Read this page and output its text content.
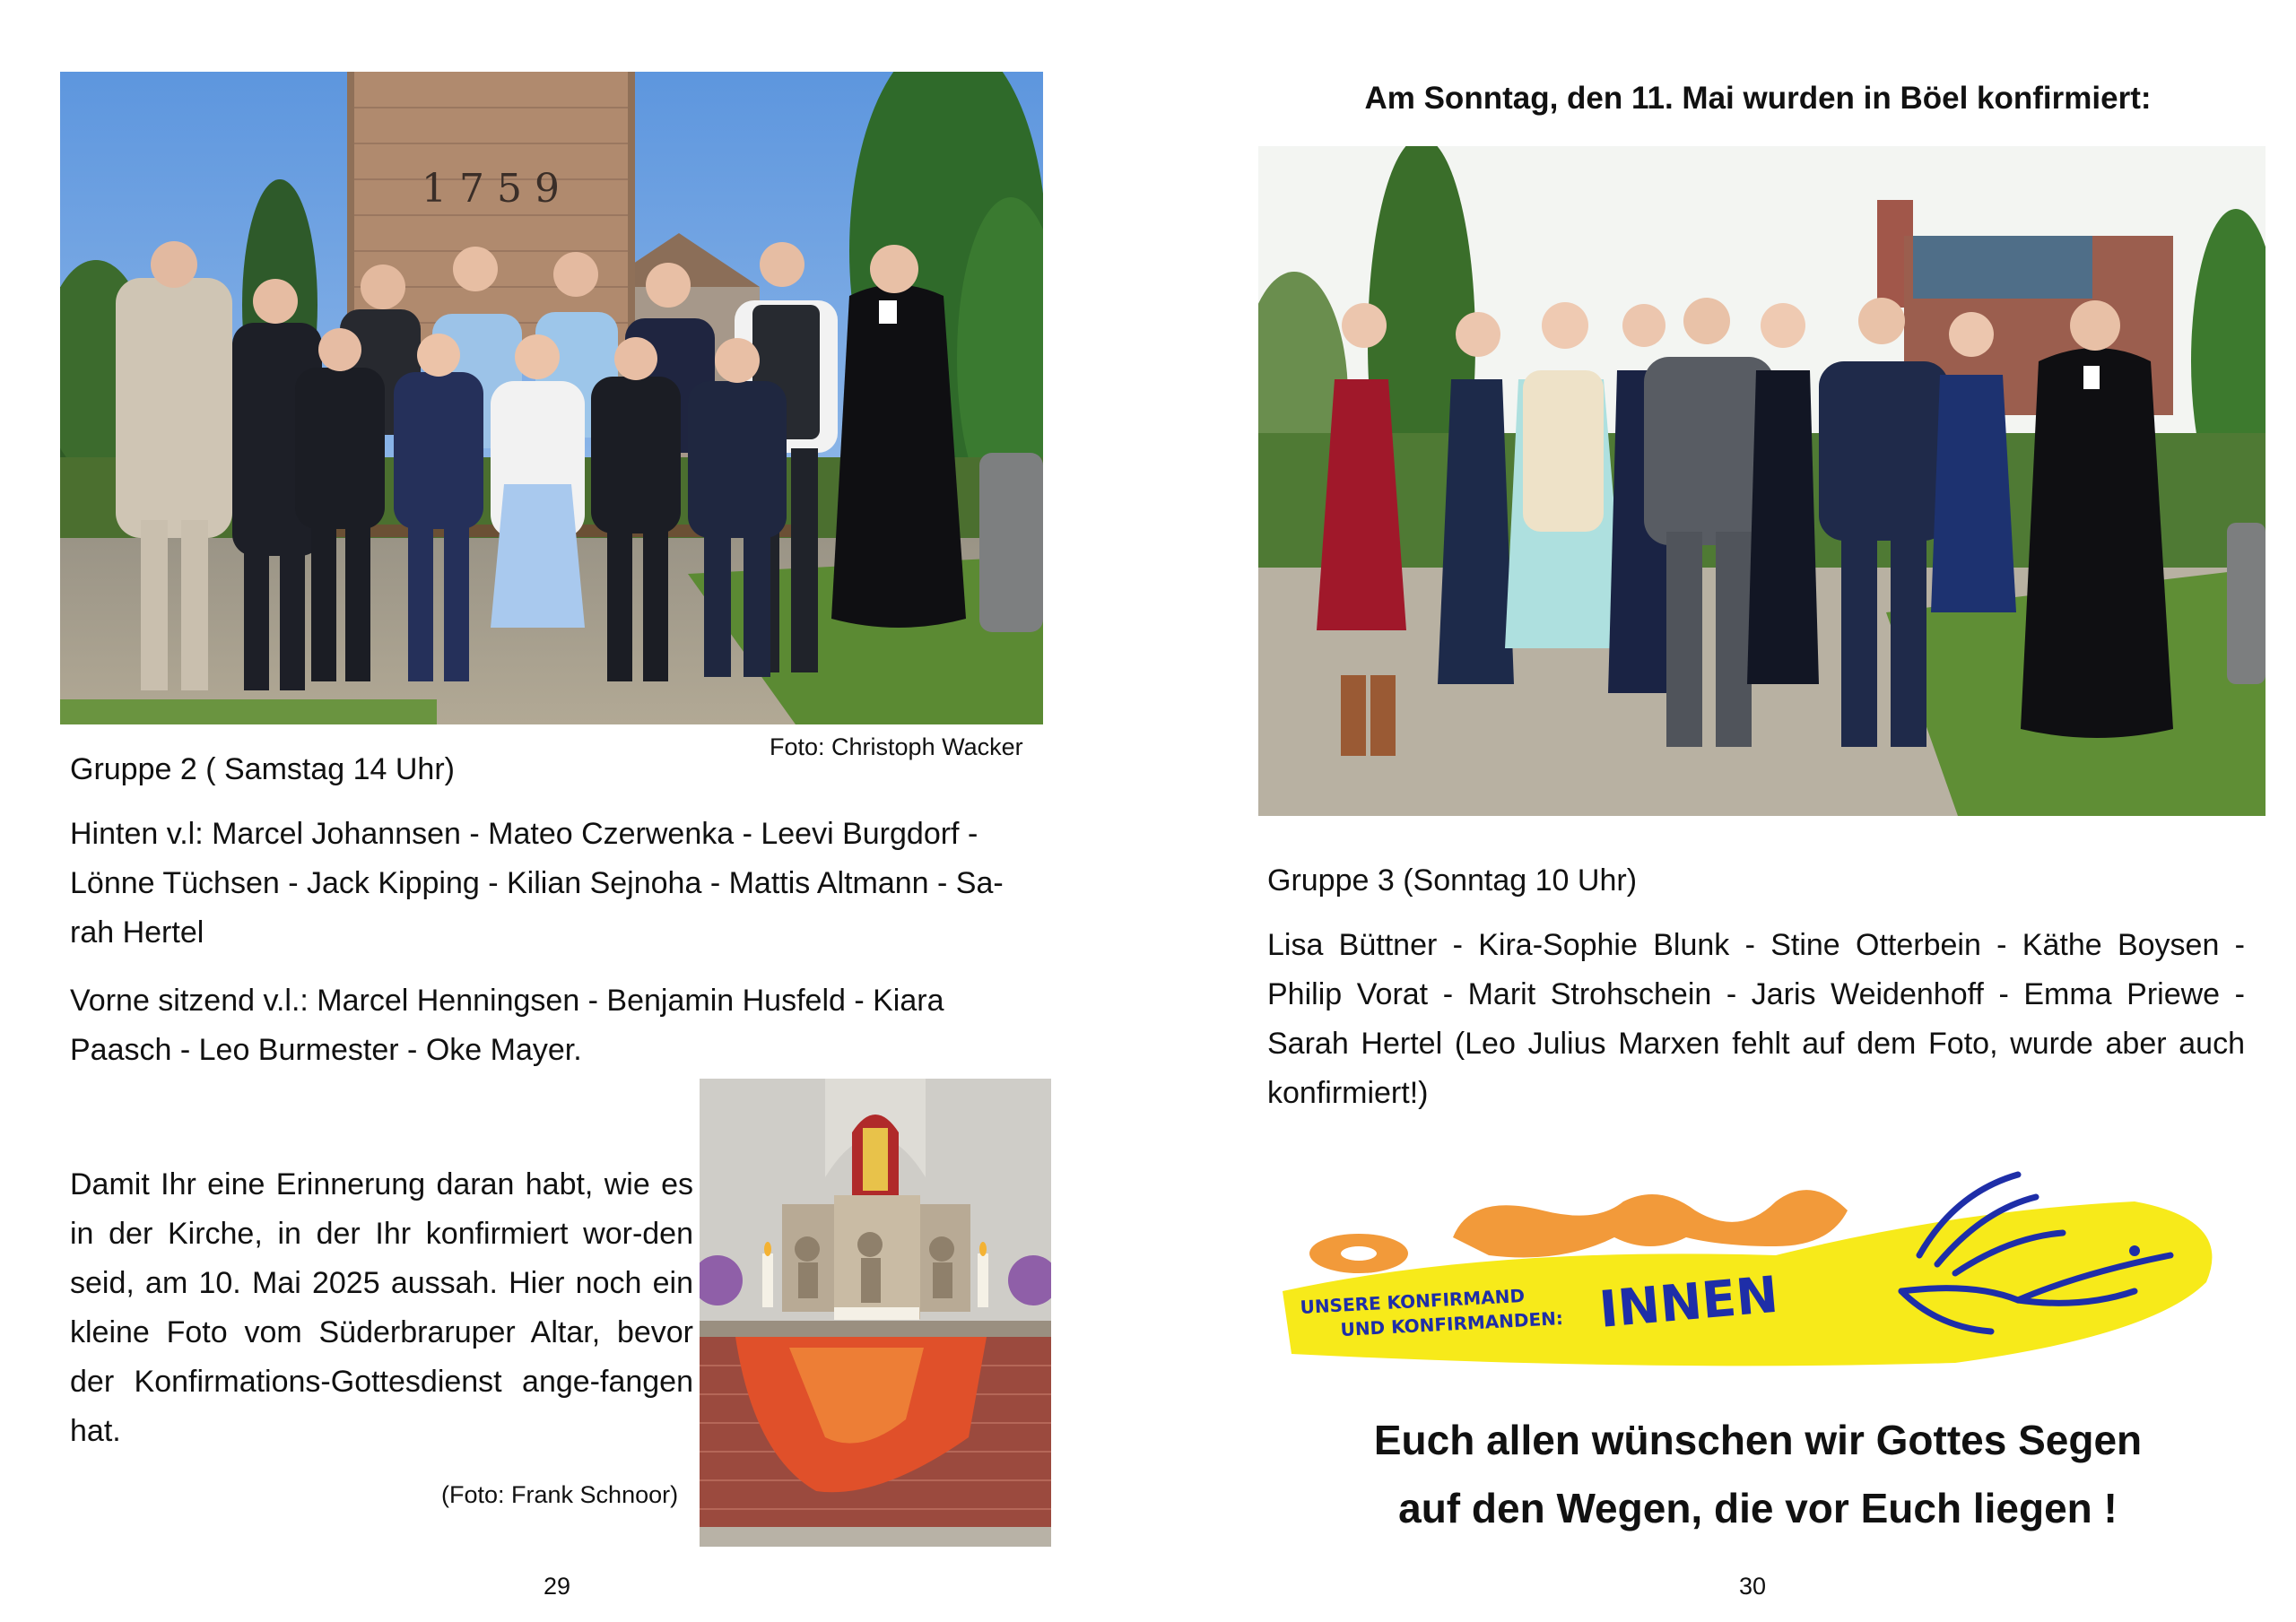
1 7 5 9
Foto: Christoph Wacker
Gruppe 2 ( Samstag 14 Uhr)
Hinten v.l: Marcel Johannsen - Mateo Czerwenka - Leevi Burgdorf - Lönne Tüchsen - Jack Kipping - Kilian Sejnoha - Mattis Altmann - Sa-rah Hertel
Vorne sitzend v.l.: Marcel Henningsen - Benjamin Husfeld - Kiara Paasch - Leo Burmester - Oke Mayer.
Damit Ihr eine Erinnerung daran habt, wie es in der Kirche, in der Ihr konfirmiert wor-den seid, am 10. Mai 2025 aussah. Hier noch ein kleine Foto vom Süderbraruper Altar, bevor der Konfirmations-Gottesdienst ange-fangen hat.
(Foto: Frank Schnoor)
29
Am Sonntag, den 11. Mai wurden in Böel konfirmiert:
Gruppe 3 (Sonntag 10 Uhr)
Lisa Büttner - Kira-Sophie Blunk - Stine Otterbein - Käthe Boysen - Philip Vorat - Marit Strohschein - Jaris Weidenhoff - Emma Priewe - Sarah Hertel (Leo Julius Marxen fehlt auf dem Foto, wurde aber auch konfirmiert!)
UNSERE KONFIRMAND
UND KONFIRMANDEN: INNEN
Euch allen wünschen wir Gottes Segen
auf den Wegen, die vor Euch liegen !
30
